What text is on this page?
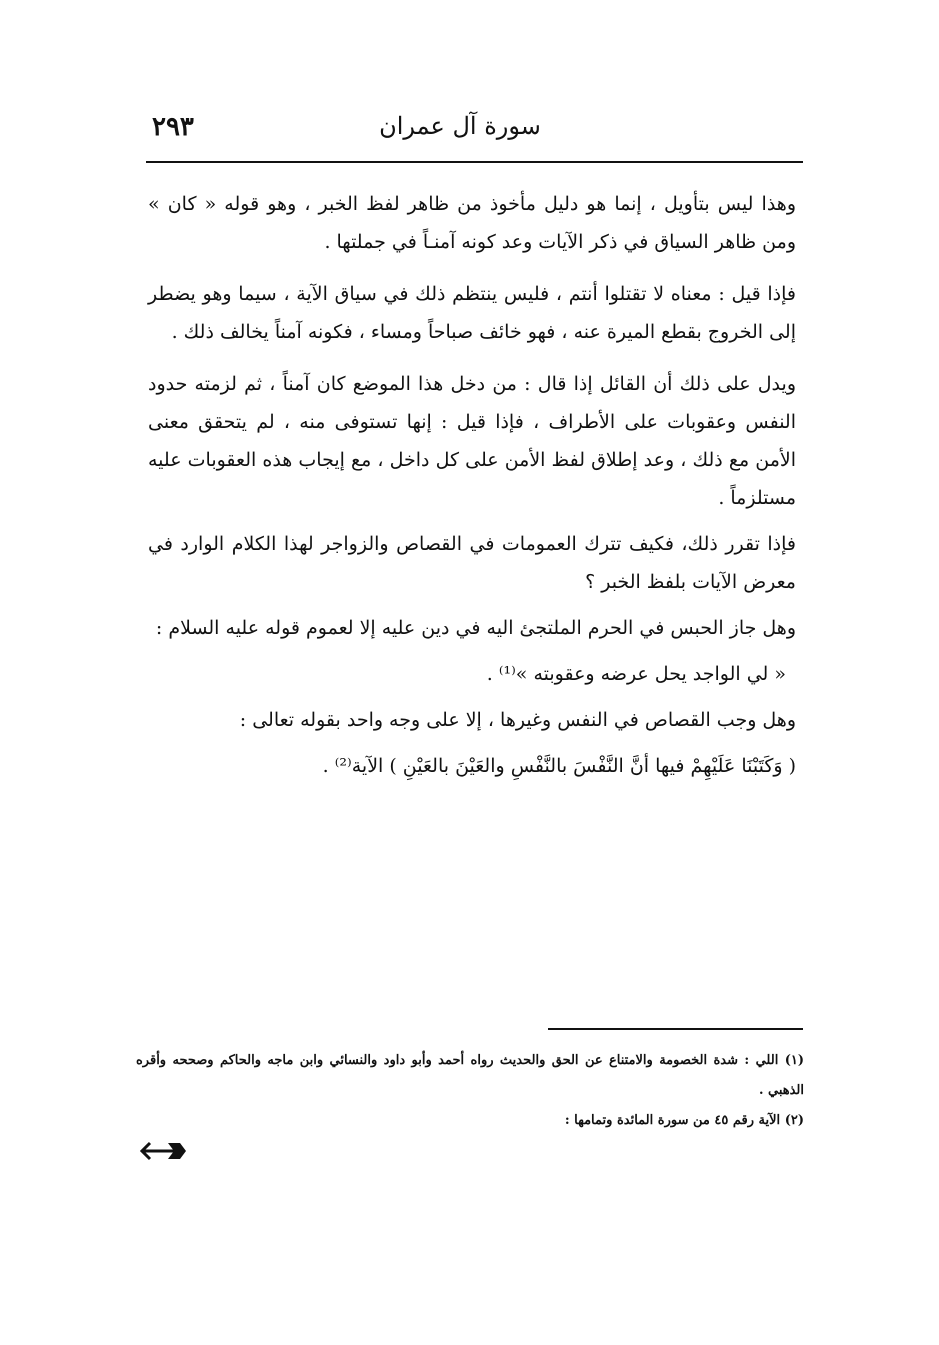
٢٩٣	سورة آل عمران

وهذا ليس بتأويل ، إنما هو دليل مأخوذ من ظاهر لفظ الخبر ، وهو قوله « كان » ومن ظاهر السياق في ذكر الآيات وعد كونه آمنـاً في جملتها .

فإذا قيل : معناه لا تقتلوا أنتم ، فليس ينتظم ذلك في سياق الآية ، سيما وهو يضطر إلى الخروج بقطع الميرة عنه ، فهو خائف صباحاً ومساء ، فكونه آمناً يخالف ذلك .

ويدل على ذلك أن القائل إذا قال : من دخل هذا الموضع كان آمناً ، ثم لزمته حدود النفس وعقوبات على الأطراف ، فإذا قيل : إنها تستوفى منه ، لم يتحقق معنى الأمن مع ذلك ، وعد إطلاق لفظ الأمن على كل داخل ، مع إيجاب هذه العقوبات عليه مستلزماً .

فإذا تقرر ذلك، فكيف تترك العمومات في القصاص والزواجر لهذا الكلام الوارد في معرض الآيات بلفظ الخبر ؟

وهل جاز الحبس في الحرم الملتجئ اليه في دين عليه إلا لعموم قوله عليه السلام :

« لي الواجد يحل عرضه وعقوبته »⁽¹⁾ .

وهل وجب القصاص في النفس وغيرها ، إلا على وجه واحد بقوله تعالى :

( وَكَتَبْنَا عَلَيْهِمْ فيها أنَّ النَّفْسَ بالنَّفْسِ والعَيْنَ بالعَيْنِ ) الآية⁽²⁾ .

(١) اللي : شدة الخصومة والامتناع عن الحق والحديث رواه أحمد وأبو داود والنسائي وابن ماجه والحاكم وصححه وأقره الذهبي .

(٢) الآية رقم ٤٥ من سورة المائدة وتمامها :
